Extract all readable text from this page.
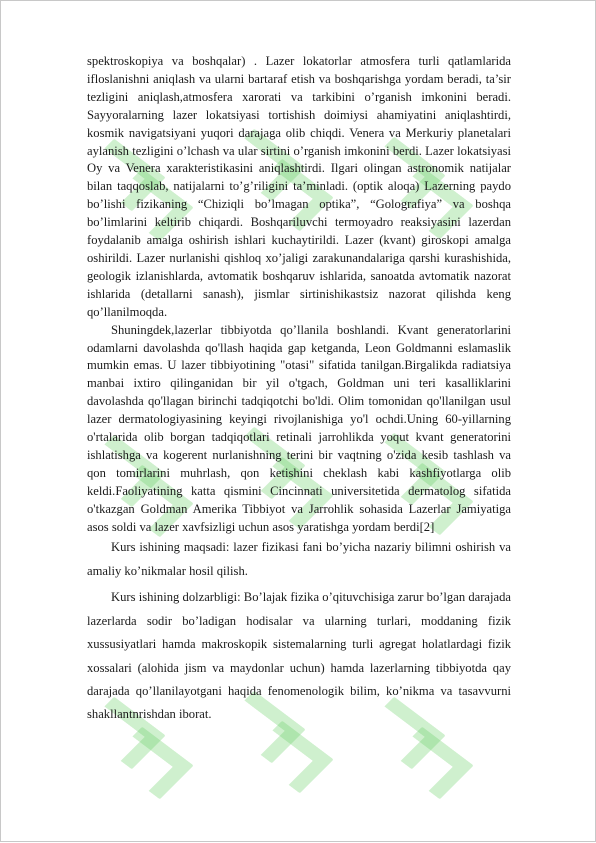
spektroskopiya va boshqalar) . Lazer lokatorlar atmosfera turli qatlamlarida ifloslanishni aniqlash va ularni bartaraf etish va boshqarishga yordam beradi, ta’sir tezligini aniqlash,atmosfera xarorati va tarkibini o’rganish imkonini beradi. Sayyoralarning lazer lokatsiyasi tortishish doimiysi ahamiyatini aniqlashtirdi, kosmik navigatsiyani yuqori darajaga olib chiqdi. Venera va Merkuriy planetalari aylanish tezligini o’lchash va ular sirtini o’rganish imkonini berdi. Lazer lokatsiyasi Oy va Venera xarakteristikasini aniqlashtirdi. Ilgari olingan astronomik natijalar bilan taqqoslab, natijalarni to’g’riligini ta’minladi. (optik aloqa) Lazerning paydo bo’lishi fizikaning “Chiziqli bo’lmagan optika”, “Golografiya” va boshqa bo’limlarini keltirib chiqardi. Boshqariluvchi termoyadro reaksiyasini lazerdan foydalanib amalga oshirish ishlari kuchaytirildi. Lazer (kvant) giroskopi amalga oshirildi. Lazer nurlanishi qishloq xo’jaligi zarakunandalariga qarshi kurashishida, geologik izlanishlarda, avtomatik boshqaruv ishlarida, sanoatda avtomatik nazorat ishlarida (detallarni sanash), jismlar sirtinishikastsiz nazorat qilishda keng qo’llanilmoqda.

Shuningdek,lazerlar tibbiyotda qo’llanila boshlandi. Kvant generatorlarini odamlarni davolashda qo'llash haqida gap ketganda, Leon Goldmanni eslamaslik mumkin emas. U lazer tibbiyotining "otasi" sifatida tanilgan.Birgalikda radiatsiya manbai ixtiro qilinganidan bir yil o'tgach, Goldman uni teri kasalliklarini davolashda qo'llagan birinchi tadqiqotchi bo'ldi. Olim tomonidan qo'llanilgan usul lazer dermatologiyasining keyingi rivojlanishiga yo'l ochdi.Uning 60-yillarning o'rtalarida olib borgan tadqiqotlari retinali jarrohlikda yoqut kvant generatorini ishlatishga va kogerent nurlanishning terini bir vaqtning o'zida kesib tashlash va qon tomirlarini muhrlash, qon ketishini cheklash kabi kashfiyotlarga olib keldi.Faoliyatining katta qismini Cincinnati universitetida dermatolog sifatida o'tkazgan Goldman Amerika Tibbiyot va Jarrohlik sohasida Lazerlar Jamiyatiga asos soldi va lazer xavfsizligi uchun asos yaratishga yordam berdi[2]

Kurs ishining maqsadi: lazer fizikasi fani bo’yicha nazariy bilimni oshirish va amaliy ko’nikmalar hosil qilish.

Kurs ishining dolzarbligi: Bo’lajak fizika o’qituvchisiga zarur bo’lgan darajada lazerlarda sodir bo’ladigan hodisalar va ularning turlari, moddaning fizik xussusiyatlari hamda makroskopik sistemalarning turli agregat holatlardagi fizik xossalari (alohida jism va maydonlar uchun) hamda lazerlarning tibbiyotda qay darajada qo’llanilayotgani haqida fenomenologik bilim, ko’nikma va tasavvurni shakllantnrishdan iborat.
